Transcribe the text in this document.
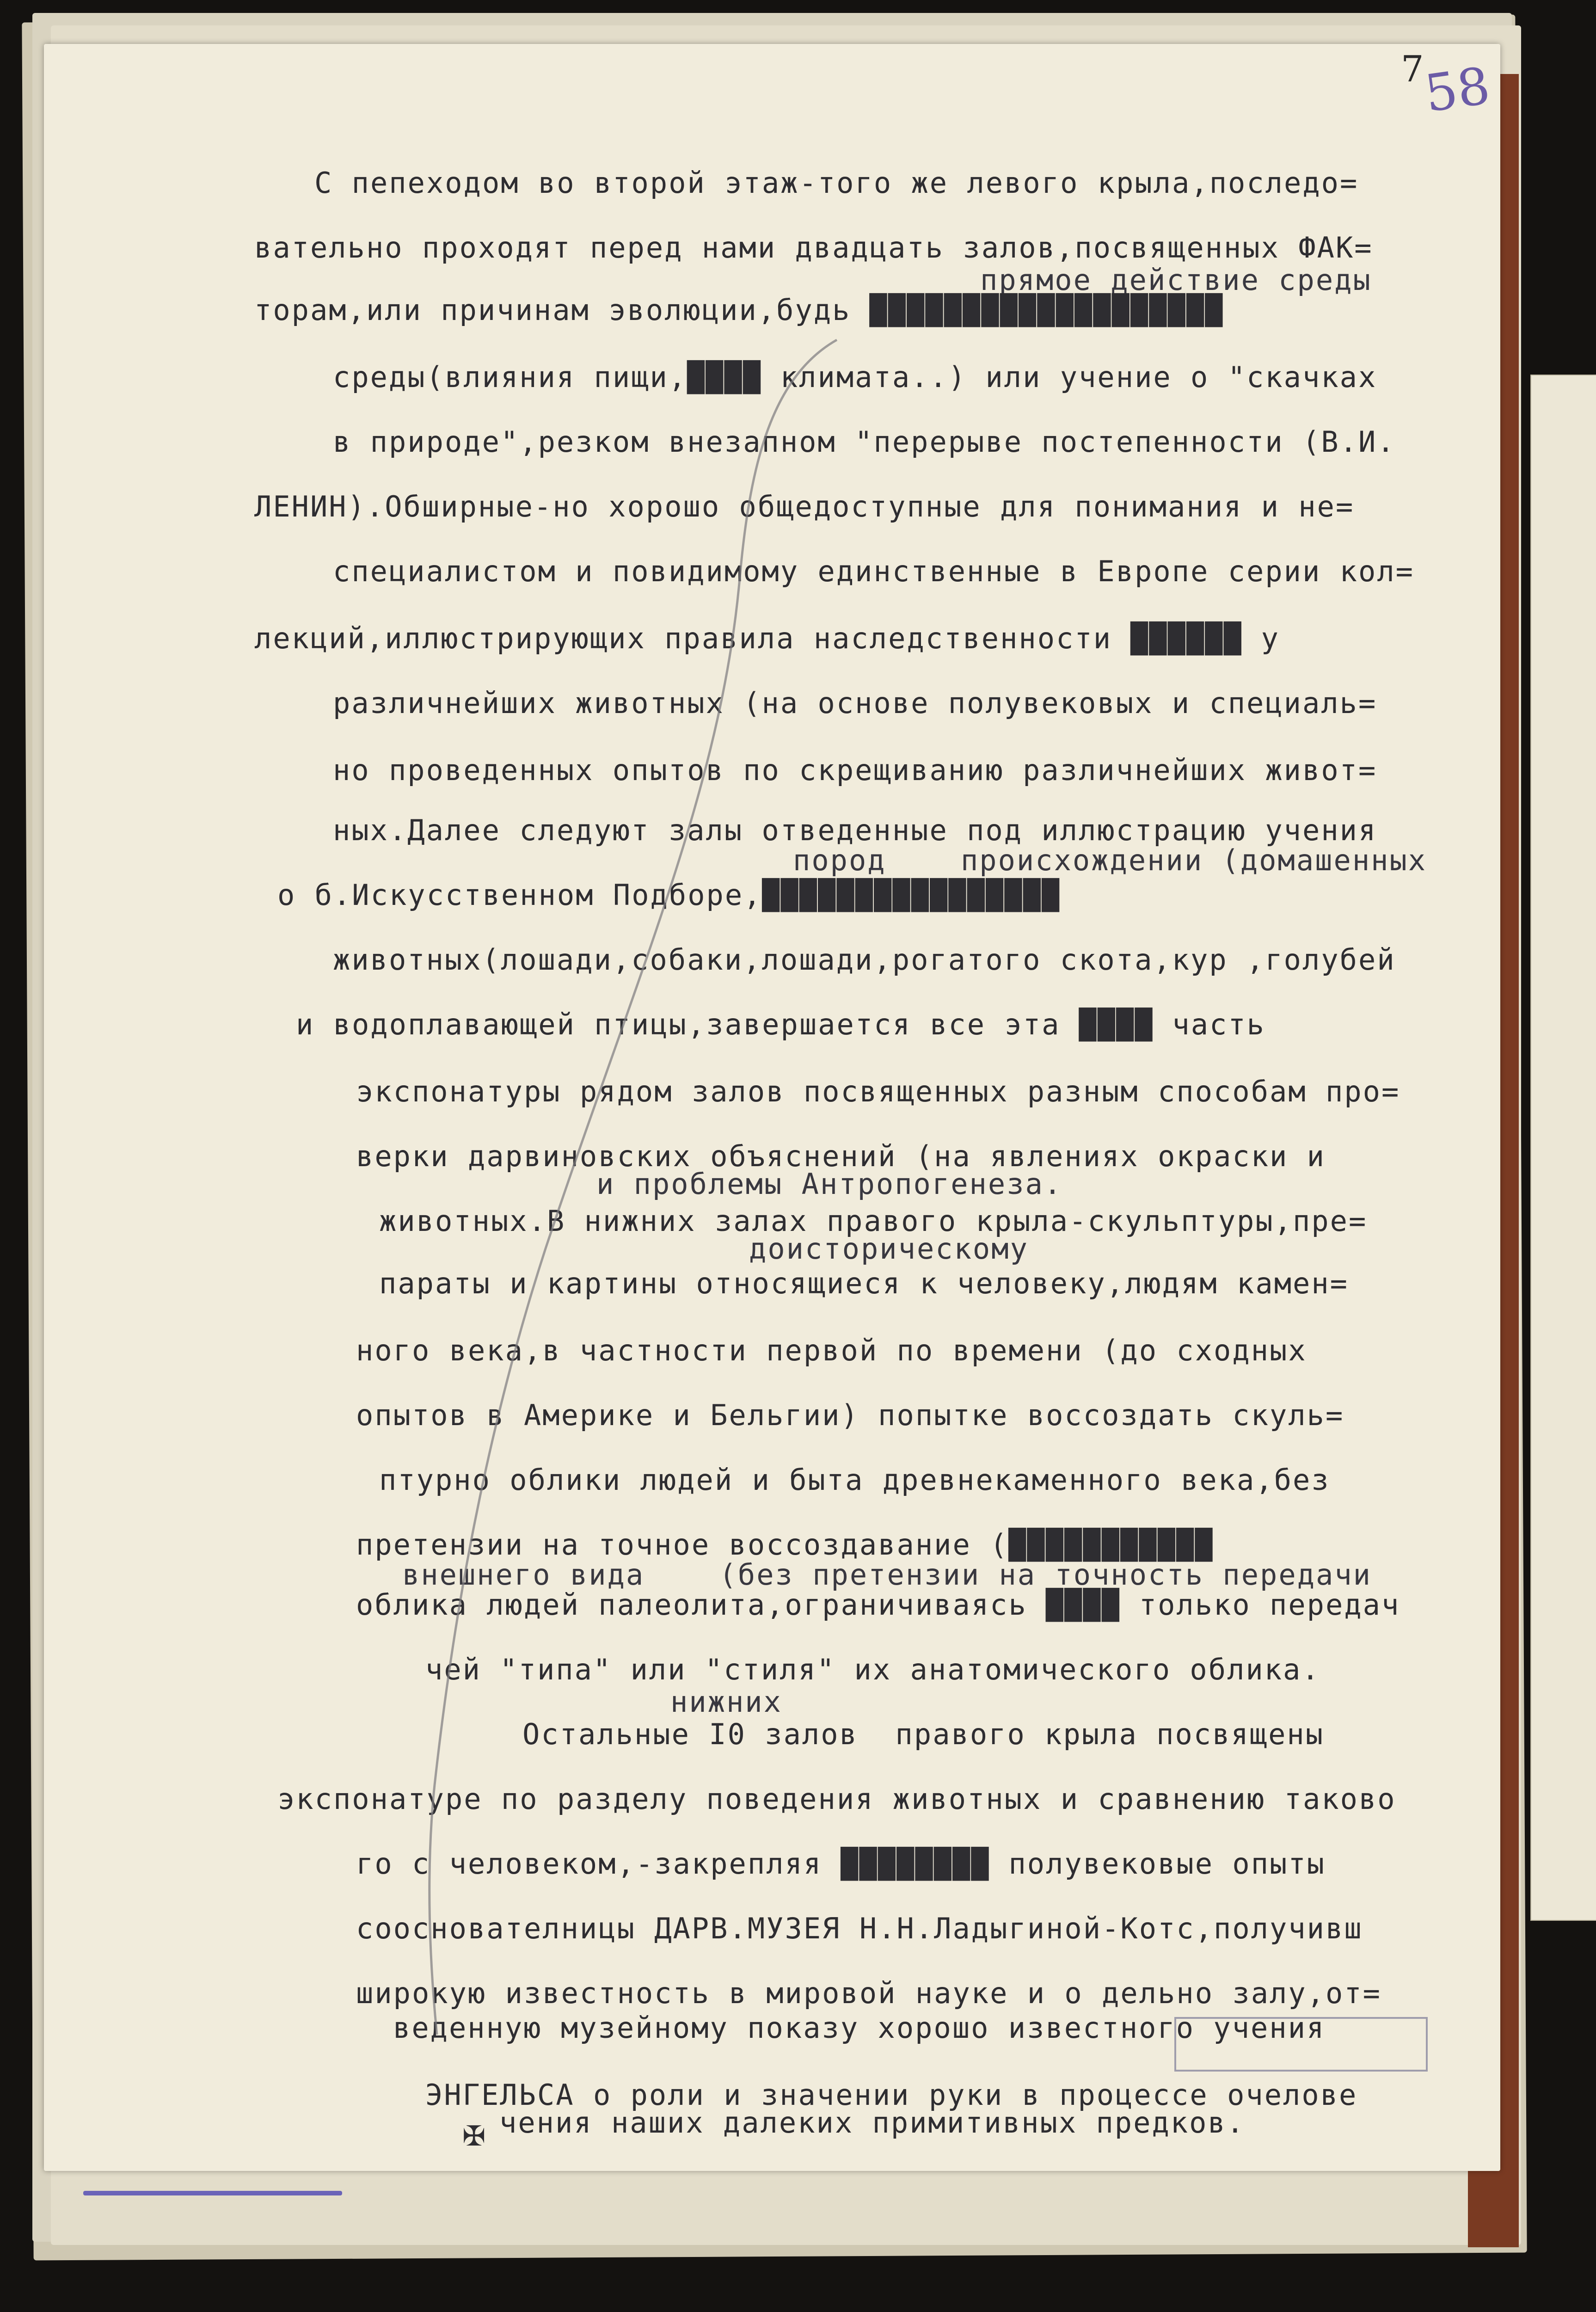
7
58
С пепеходом во второй этаж-того же левого крыла,последо=
вательно проходят перед нами двадцать залов,посвященных ФАК=
прямое действие среды
торам,или причинам эволюции,будь ███████████████████
среды(влияния пищи,████ климата..) или учение о "скачках
в природе",резком внезапном "перерыве постепенности (В.И.
ЛЕНИН).Обширные-но хорошо общедоступные для понимания и не=
специалистом и повидимому единственные в Европе серии кол=
лекций,иллюстрирующих правила наследственности ██████ у
различнейших животных (на основе полувековых и специаль=
но проведенных опытов по скрещиванию различнейших живот=
ных.Далее следуют залы отведенные под иллюстрацию учения
пород    происхождении (домашенных
о б.Искусственном Подборе,████████████████
животных(лошади,собаки,лошади,рогатого скота,кур ,голубей
и водоплавающей птицы,завершается все эта ████ часть
экспонатуры рядом залов посвященных разным способам про=
верки дарвиновских объяснений (на явлениях окраски и
и проблемы Антропогенеза.
животных.В нижних залах правого крыла-скульптуры,пре=
доисторическому
параты и картины относящиеся к человеку,людям камен=
ного века,в частности первой по времени (до сходных
опытов в Америке и Бельгии) попытке воссоздать скуль=
птурно облики людей и быта древнекаменного века,без
претензии на точное воссоздавание (███████████
внешнего вида    (без претензии на точность передачи
облика людей палеолита,ограничиваясь ████ только передач
чей "типа" или "стиля" их анатомического облика.
нижних
Остальные I0 залов  правого крыла посвящены
экспонатуре по разделу поведения животных и сравнению таково
го с человеком,-закрепляя ████████ полувековые опыты
сооснователницы ДАРВ.МУЗЕЯ Н.Н.Ладыгиной-Котс,получивш
широкую известность в мировой науке и о дельно залу,от=
веденную музейному показу хорошо известного учения
ЭНГЕЛЬСА о роли и значении руки в процессе очелове
чения наших далеких примитивных предков.
✠
